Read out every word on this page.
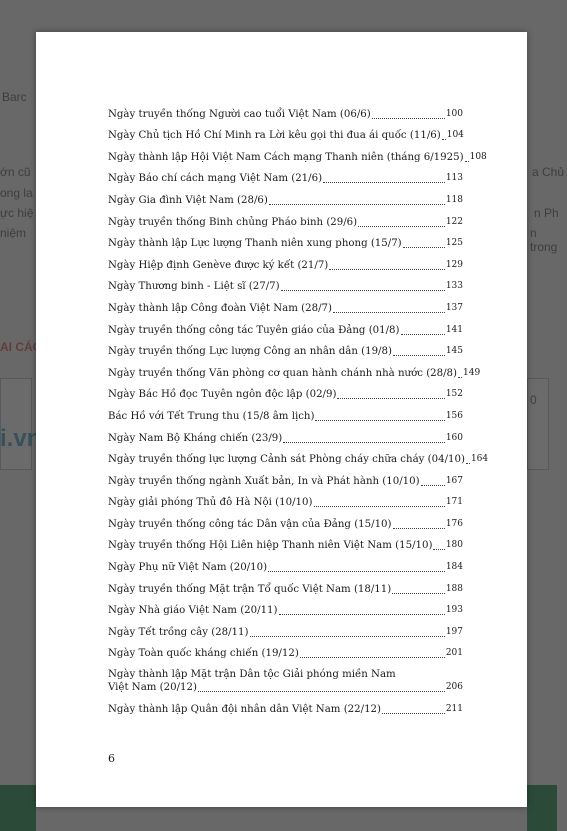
Ngày truyền thống Người cao tuổi Việt Nam (06/6)	100
Ngày Chủ tịch Hồ Chí Minh ra Lời kêu gọi thi đua ái quốc (11/6) 104
Ngày thành lập Hội Việt Nam Cách mạng Thanh niên (tháng 6/1925) 108
Ngày Báo chí cách mạng Việt Nam (21/6)	113
Ngày Gia đình Việt Nam (28/6)	118
Ngày truyền thống Binh chủng Pháo binh (29/6)	122
Ngày thành lập Lực lượng Thanh niên xung phong (15/7)	125
Ngày Hiệp định Genève được ký kết (21/7)	129
Ngày Thương binh - Liệt sĩ (27/7)	133
Ngày thành lập Công đoàn Việt Nam (28/7)	137
Ngày truyền thống công tác Tuyên giáo của Đảng (01/8)	141
Ngày truyền thống Lực lượng Công an nhân dân (19/8)	145
Ngày truyền thống Văn phòng cơ quan hành chánh nhà nước (28/8) 149
Ngày Bác Hồ đọc Tuyên ngôn độc lập (02/9)	152
Bác Hồ với Tết Trung thu (15/8 âm lịch)	156
Ngày Nam Bộ Kháng chiến (23/9)	160
Ngày truyền thống lực lượng Cảnh sát Phòng cháy chữa cháy (04/10) 164
Ngày truyền thống ngành Xuất bản, In và Phát hành (10/10)	167
Ngày giải phóng Thủ đô Hà Nội (10/10)	171
Ngày truyền thống công tác Dân vận của Đảng (15/10)	176
Ngày truyền thống Hội Liên hiệp Thanh niên Việt Nam (15/10) 180
Ngày Phụ nữ Việt Nam (20/10)	184
Ngày truyền thống Mặt trận Tổ quốc Việt Nam (18/11)	188
Ngày Nhà giáo Việt Nam (20/11)	193
Ngày Tết trồng cây (28/11)	197
Ngày Toàn quốc kháng chiến (19/12)	201
Ngày thành lập Mặt trận Dân tộc Giải phóng miền Nam
Việt Nam (20/12)	206
Ngày thành lập Quân đội nhân dân Việt Nam (22/12)	211
6
